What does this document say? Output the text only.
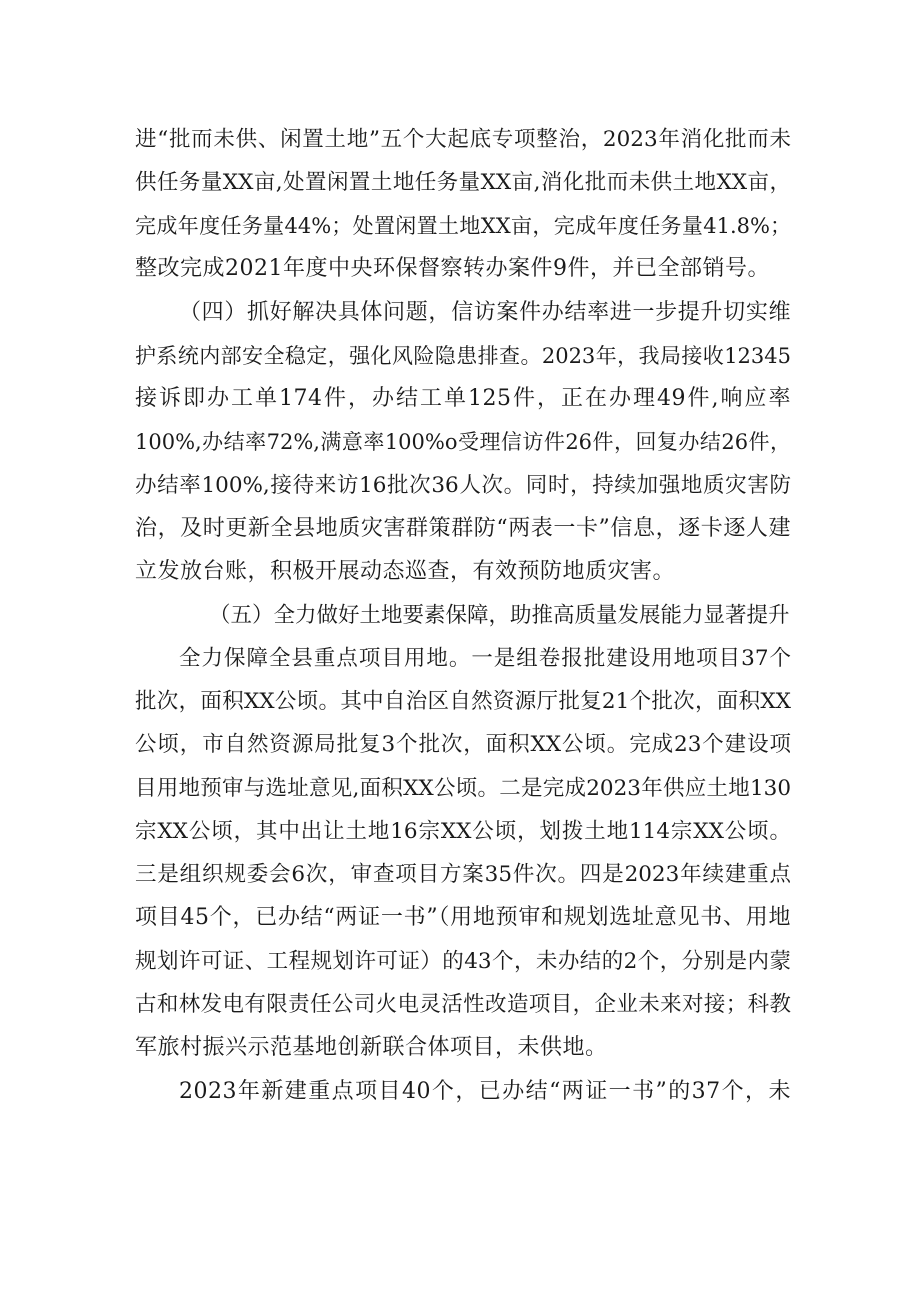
进“批而未供、闲置土地”五个大起底专项整治，2023年消化批而未
供任务量XX亩,处置闲置土地任务量XX亩,消化批而未供土地XX亩，
完成年度任务量44%；处置闲置土地XX亩，完成年度任务量41.8%；
整改完成2021年度中央环保督察转办案件9件，并已全部销号。
（四）抓好解决具体问题，信访案件办结率进一步提升切实维
护系统内部安全稳定，强化风险隐患排查。2023年，我局接收12345
接诉即办工单174件，办结工单125件，正在办理49件,响应率
100%,办结率72%,满意率100%o受理信访件26件，回复办结26件，
办结率100%,接待来访16批次36人次。同时，持续加强地质灾害防
治，及时更新全县地质灾害群策群防“两表一卡”信息，逐卡逐人建
立发放台账，积极开展动态巡查，有效预防地质灾害。
（五）全力做好土地要素保障，助推高质量发展能力显著提升
全力保障全县重点项目用地。一是组卷报批建设用地项目37个
批次，面积XX公顷。其中自治区自然资源厅批复21个批次，面积XX
公顷，市自然资源局批复3个批次，面积XX公顷。完成23个建设项
目用地预审与选址意见,面积XX公顷。二是完成2023年供应土地130
宗XX公顷，其中出让土地16宗XX公顷，划拨土地114宗XX公顷。
三是组织规委会6次，审查项目方案35件次。四是2023年续建重点
项目45个，已办结“两证一书”（用地预审和规划选址意见书、用地
规划许可证、工程规划许可证）的43个，未办结的2个，分别是内蒙
古和林发电有限责任公司火电灵活性改造项目，企业未来对接；科教
军旅村振兴示范基地创新联合体项目，未供地。
2023年新建重点项目40个，已办结“两证一书”的37个，未
